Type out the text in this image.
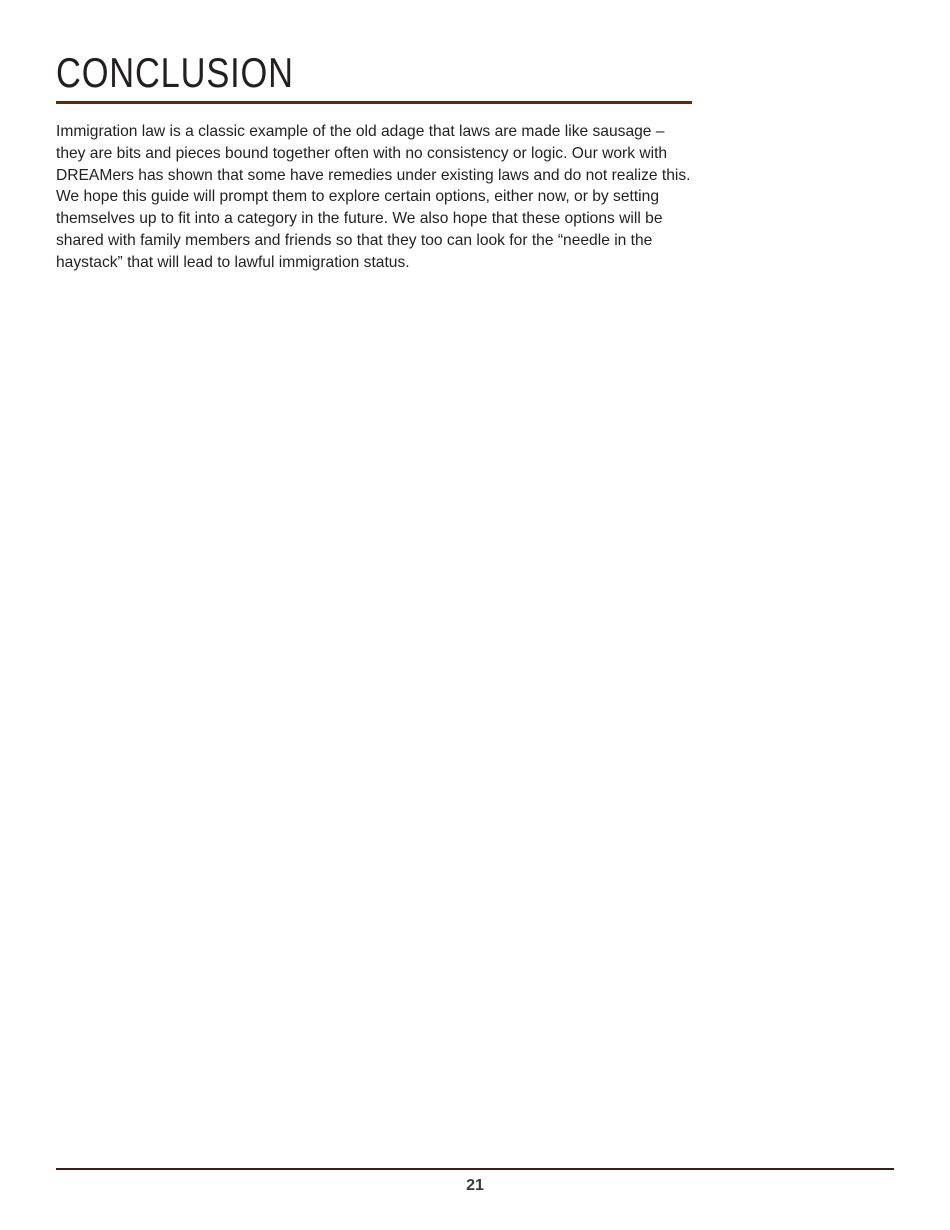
CONCLUSION

Immigration law is a classic example of the old adage that laws are made like sausage – they are bits and pieces bound together often with no consistency or logic. Our work with DREAMers has shown that some have remedies under existing laws and do not realize this. We hope this guide will prompt them to explore certain options, either now, or by setting themselves up to fit into a category in the future. We also hope that these options will be shared with family members and friends so that they too can look for the “needle in the haystack” that will lead to lawful immigration status.

21
